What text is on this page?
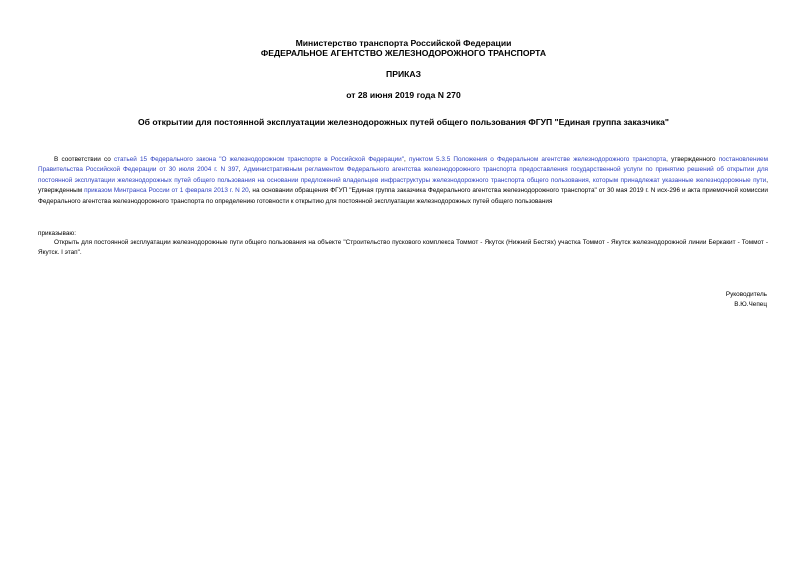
Министерство транспорта Российской Федерации
ФЕДЕРАЛЬНОЕ АГЕНТСТВО ЖЕЛЕЗНОДОРОЖНОГО ТРАНСПОРТА
ПРИКАЗ
от 28 июня 2019 года N 270
Об открытии для постоянной эксплуатации железнодорожных путей общего пользования ФГУП "Единая группа заказчика"
В соответствии со статьей 15 Федерального закона "О железнодорожном транспорте в Российской Федерации", пунктом 5.3.5 Положения о Федеральном агентстве железнодорожного транспорта, утвержденного постановлением Правительства Российской Федерации от 30 июля 2004 г. N 397, Административным регламентом Федерального агентства железнодорожного транспорта предоставления государственной услуги по принятию решений об открытии для постоянной эксплуатации железнодорожных путей общего пользования на основании предложений владельцев инфраструктуры железнодорожного транспорта общего пользования, которым принадлежат указанные железнодорожные пути, утвержденным приказом Минтранса России от 1 февраля 2013 г. N 20, на основании обращения ФГУП "Единая группа заказчика Федерального агентства железнодорожного транспорта" от 30 мая 2019 г. N исх-296 и акта приемочной комиссии Федерального агентства железнодорожного транспорта по определению готовности к открытию для постоянной эксплуатации железнодорожных путей общего пользования
приказываю:
Открыть для постоянной эксплуатации железнодорожные пути общего пользования на объекте "Строительство пускового комплекса Томмот - Якутск (Нижний Бестях) участка Томмот - Якутск железнодорожной линии Беркакит - Томмот - Якутск. I этап".
Руководитель
В.Ю.Чепец
